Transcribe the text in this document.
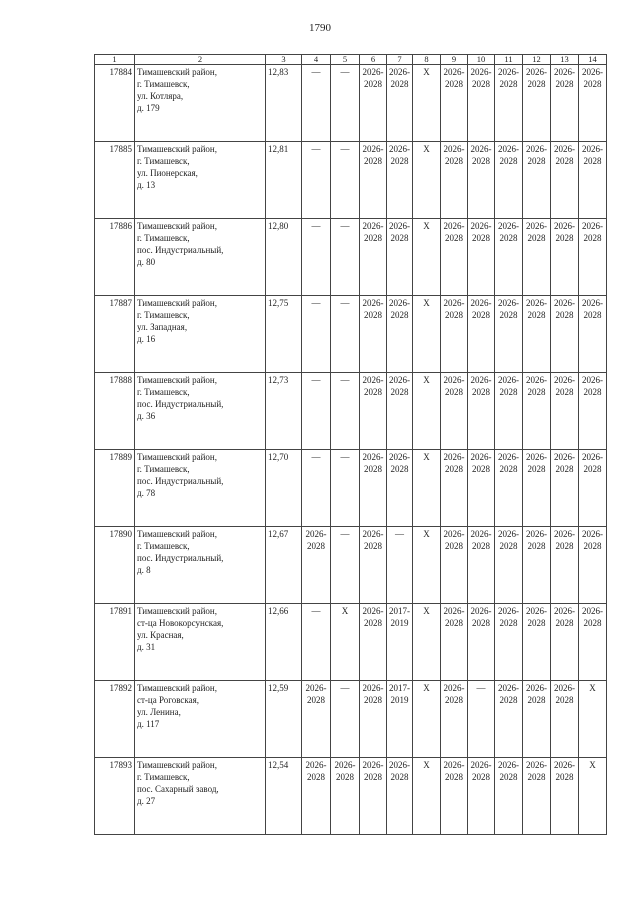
1790
1	2	3	4	5	6	7	8	9	10	11	12	13	14
17884	Тимашевский район,
г. Тимашевск,
ул. Котляра,
д. 179	12,83	—	—	2026-2028	2026-2028	Х	2026-2028	2026-2028	2026-2028	2026-2028	2026-2028	2026-2028
17885	Тимашевский район,
г. Тимашевск,
ул. Пионерская,
д. 13	12,81	—	—	2026-2028	2026-2028	Х	2026-2028	2026-2028	2026-2028	2026-2028	2026-2028	2026-2028
17886	Тимашевский район,
г. Тимашевск,
пос. Индустриальный,
д. 80	12,80	—	—	2026-2028	2026-2028	Х	2026-2028	2026-2028	2026-2028	2026-2028	2026-2028	2026-2028
17887	Тимашевский район,
г. Тимашевск,
ул. Западная,
д. 16	12,75	—	—	2026-2028	2026-2028	Х	2026-2028	2026-2028	2026-2028	2026-2028	2026-2028	2026-2028
17888	Тимашевский район,
г. Тимашевск,
пос. Индустриальный,
д. 36	12,73	—	—	2026-2028	2026-2028	Х	2026-2028	2026-2028	2026-2028	2026-2028	2026-2028	2026-2028
17889	Тимашевский район,
г. Тимашевск,
пос. Индустриальный,
д. 78	12,70	—	—	2026-2028	2026-2028	Х	2026-2028	2026-2028	2026-2028	2026-2028	2026-2028	2026-2028
17890	Тимашевский район,
г. Тимашевск,
пос. Индустриальный,
д. 8	12,67	2026-2028	—	2026-2028	—	Х	2026-2028	2026-2028	2026-2028	2026-2028	2026-2028	2026-2028
17891	Тимашевский район,
ст-ца Новокорсунская,
ул. Красная,
д. 31	12,66	—	Х	2026-2028	2017-2019	Х	2026-2028	2026-2028	2026-2028	2026-2028	2026-2028	2026-2028
17892	Тимашевский район,
ст-ца Роговская,
ул. Ленина,
д. 117	12,59	2026-2028	—	2026-2028	2017-2019	Х	2026-2028	—	2026-2028	2026-2028	2026-2028	Х
17893	Тимашевский район,
г. Тимашевск,
пос. Сахарный завод,
д. 27	12,54	2026-2028	2026-2028	2026-2028	2026-2028	Х	2026-2028	2026-2028	2026-2028	2026-2028	2026-2028	Х
